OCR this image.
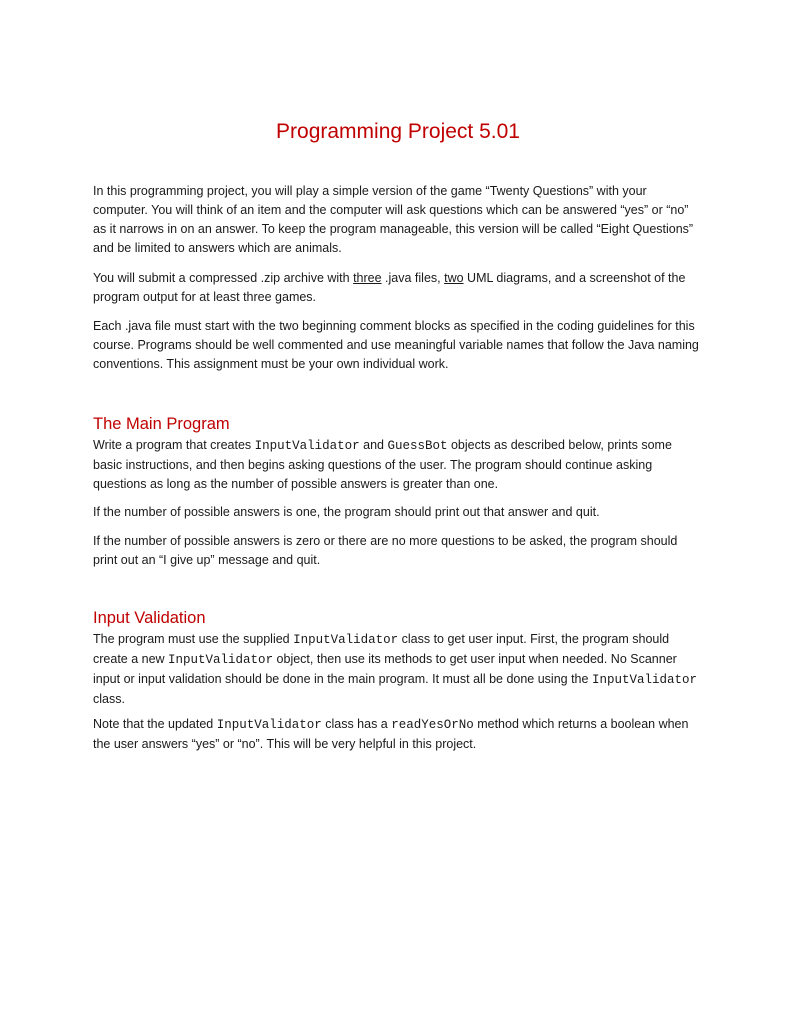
Programming Project 5.01

In this programming project, you will play a simple version of the game “Twenty Questions” with your computer. You will think of an item and the computer will ask questions which can be answered “yes” or “no” as it narrows in on an answer. To keep the program manageable, this version will be called “Eight Questions” and be limited to answers which are animals.

You will submit a compressed .zip archive with three .java files, two UML diagrams, and a screenshot of the program output for at least three games.

Each .java file must start with the two beginning comment blocks as specified in the coding guidelines for this course. Programs should be well commented and use meaningful variable names that follow the Java naming conventions. This assignment must be your own individual work.

The Main Program

Write a program that creates InputValidator and GuessBot objects as described below, prints some basic instructions, and then begins asking questions of the user. The program should continue asking questions as long as the number of possible answers is greater than one.

If the number of possible answers is one, the program should print out that answer and quit.

If the number of possible answers is zero or there are no more questions to be asked, the program should print out an “I give up” message and quit.

Input Validation

The program must use the supplied InputValidator class to get user input. First, the program should create a new InputValidator object, then use its methods to get user input when needed. No Scanner input or input validation should be done in the main program. It must all be done using the InputValidator class.

Note that the updated InputValidator class has a readYesOrNo method which returns a boolean when the user answers “yes” or “no”. This will be very helpful in this project.
